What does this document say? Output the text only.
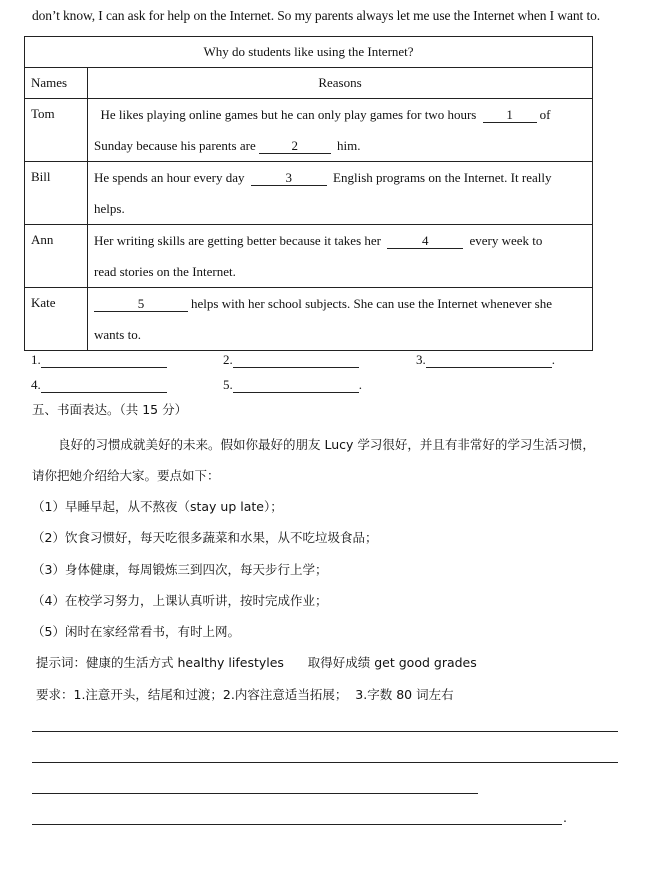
don’t know, I can ask for help on the Internet. So my parents always let me use the Internet when I want to.
Why do students like using the Internet?	
Names	Reasons
Tom	He likes playing online games but he can only play games for two hours 1 of
Sunday because his parents are 2 him.

Bill	He spends an hour every day 3 English programs on the Internet. It really
helps.

Ann	Her writing skills are getting better because it takes her 4 every week to
read stories on the Internet.

Kate	5 helps with her school subjects. She can use the Internet whenever she
wants to.
1.	2.	3.	.
4.	5.	.
五、书面表达。（共 15 分）
良好的习惯成就美好的未来。假如你最好的朋友 Lucy 学习很好，并且有非常好的学习生活习惯，
请你把她介绍给大家。要点如下：
（1）早睡早起，从不熬夜（stay up late）；
（2）饮食习惯好，每天吃很多蔬菜和水果，从不吃垃圾食品；
（3）身体健康，每周锻炼三到四次，每天步行上学；
（4）在校学习努力，上课认真听讲，按时完成作业；
（5）闲时在家经常看书，有时上网。
提示词：健康的生活方式 healthy lifestyles      取得好成绩 get good grades
要求：1.注意开头，结尾和过渡；2.内容注意适当拓展；  3.字数 80 词左右
.
